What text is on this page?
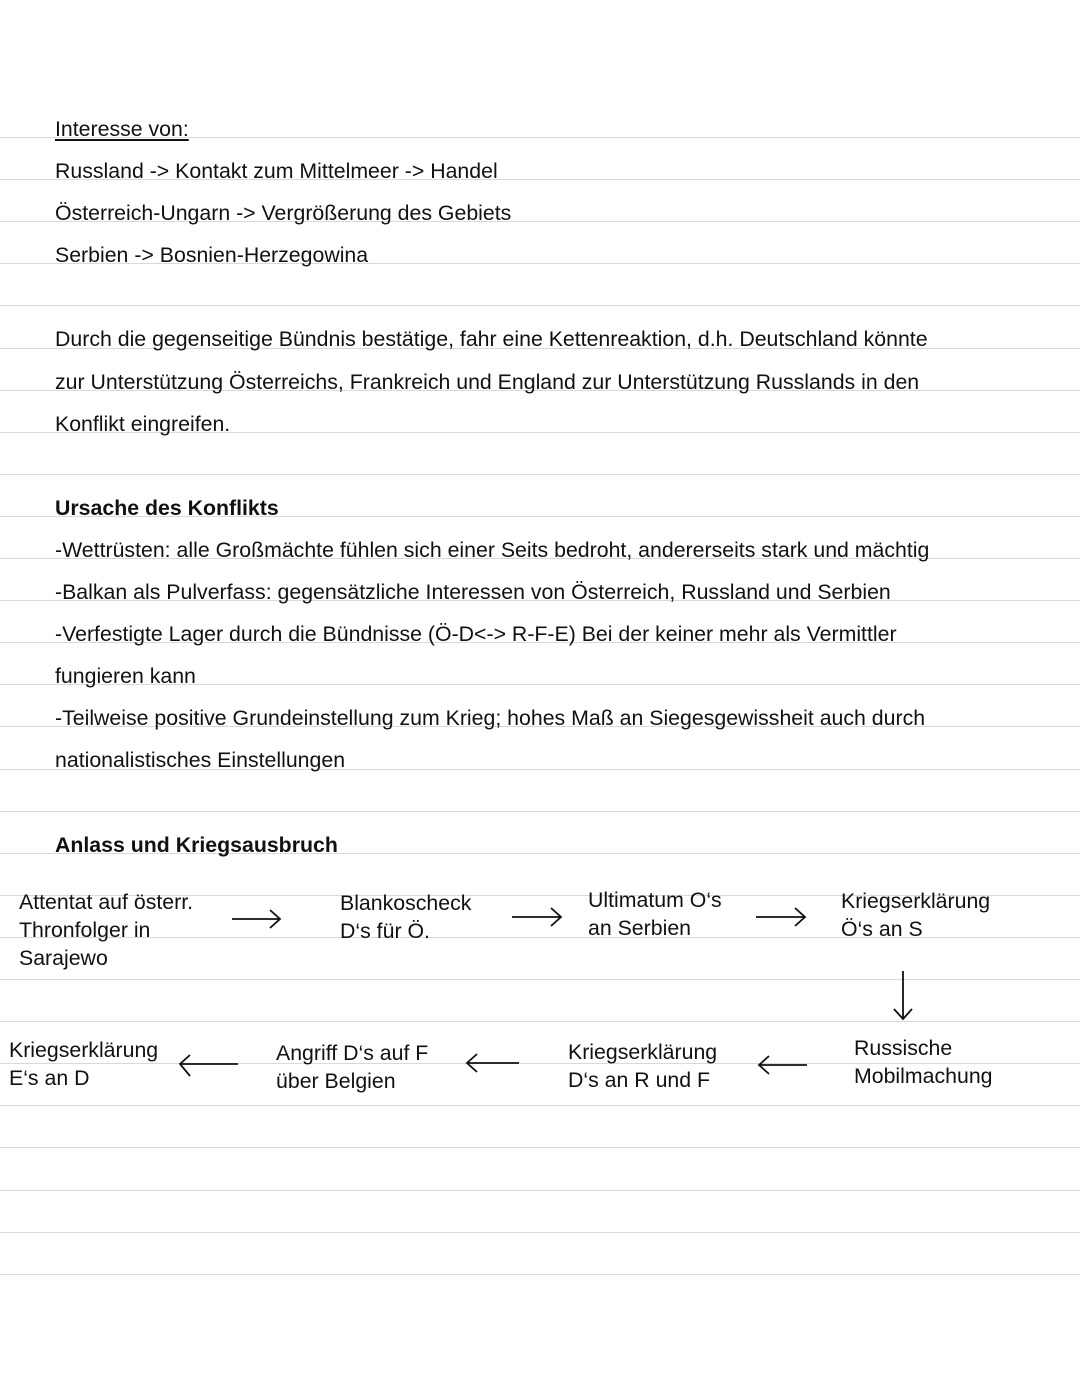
Interesse von:
Russland -> Kontakt zum Mittelmeer -> Handel
Österreich-Ungarn -> Vergrößerung des Gebiets
Serbien -> Bosnien-Herzegowina
Durch die gegenseitige Bündnis bestätige, fahr eine Kettenreaktion, d.h. Deutschland könnte
zur Unterstützung Österreichs, Frankreich und England zur Unterstützung Russlands in den
Konflikt eingreifen.
Ursache des Konflikts
-Wettrüsten: alle Großmächte fühlen sich einer Seits bedroht, andererseits stark und mächtig
-Balkan als Pulverfass: gegensätzliche Interessen von Österreich, Russland und Serbien
-Verfestigte Lager durch die Bündnisse (Ö-D<-> R-F-E) Bei der keiner mehr als Vermittler
fungieren kann
-Teilweise positive Grundeinstellung zum Krieg; hohes Maß an Siegesgewissheit auch durch
nationalistisches Einstellungen
Anlass und Kriegsausbruch
Attentat auf österr.
Thronfolger in
Sarajewo
Blankoscheck
D‘s für Ö.
Ultimatum O‘s
an Serbien
Kriegserklärung
Ö‘s an S
Russische
Mobilmachung
Kriegserklärung
D‘s an R und F
Angriff D‘s auf F
über Belgien
Kriegserklärung
E‘s an D
